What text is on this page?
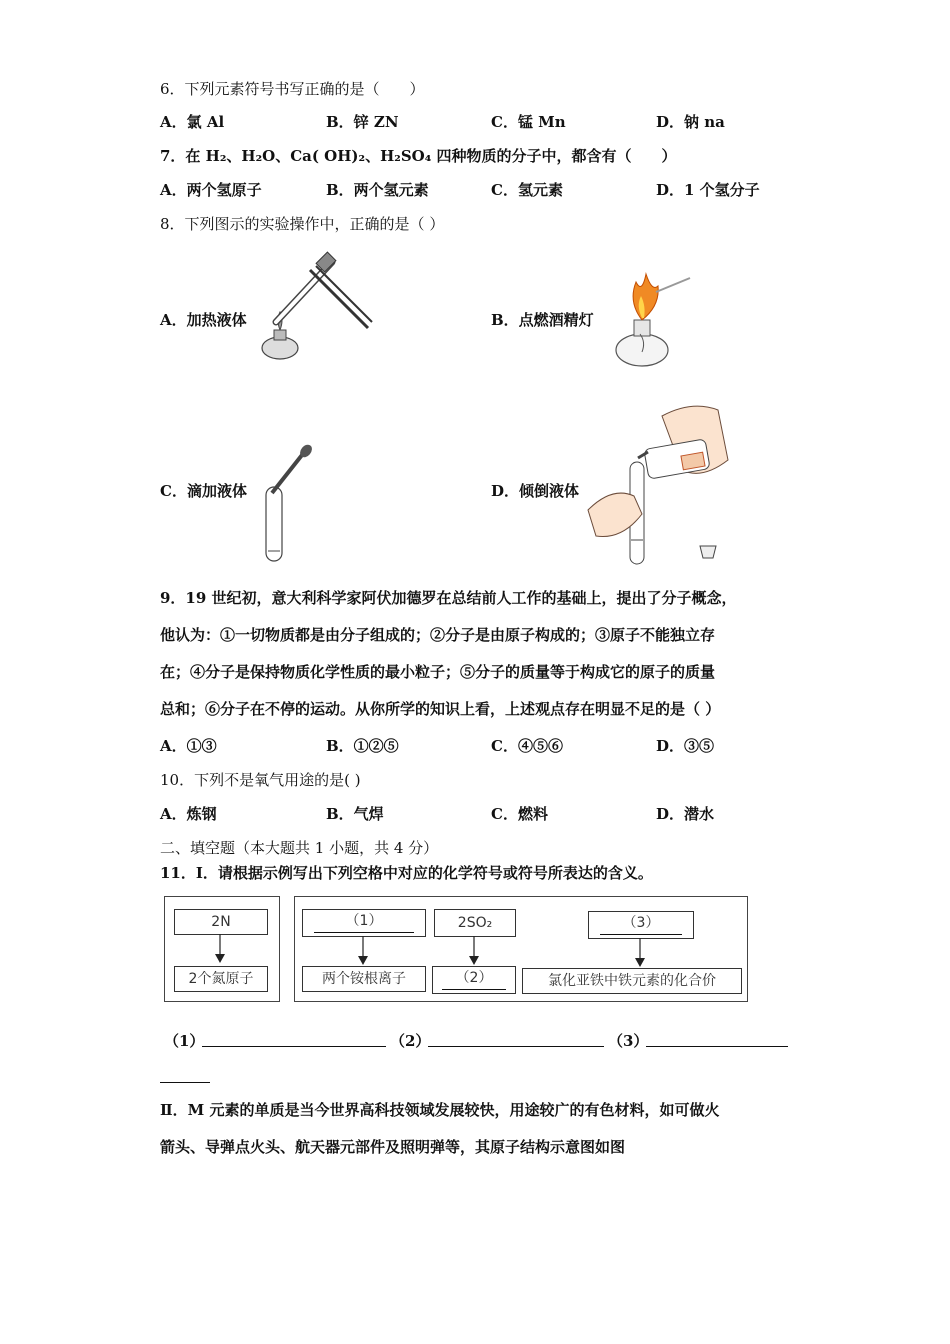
6．下列元素符号书写正确的是（　　）
A．氯 Al	B．锌 ZN	C．锰 Mn	D．钠 na
7．在 H₂、H₂O、Ca( OH)₂、H₂SO₄ 四种物质的分子中，都含有（　　）
A．两个氢原子	B．两个氢元素	C．氢元素	D．1 个氢分子
8．下列图示的实验操作中，正确的是（ ）
A．加热液体	B．点燃酒精灯
C．滴加液体	D．倾倒液体
9．19 世纪初，意大利科学家阿伏加德罗在总结前人工作的基础上，提出了分子概念，
他认为：①一切物质都是由分子组成的；②分子是由原子构成的；③原子不能独立存
在；④分子是保持物质化学性质的最小粒子；⑤分子的质量等于构成它的原子的质量
总和；⑥分子在不停的运动。从你所学的知识上看，上述观点存在明显不足的是（ ）
A．①③	B．①②⑤	C．④⑤⑥	D．③⑤
10．下列不是氧气用途的是( )
A．炼钢	B．气焊	C．燃料	D．潜水
二、填空题（本大题共 1 小题，共 4 分）
11．Ⅰ．请根据示例写出下列空格中对应的化学符号或符号所表达的含义。
2N
2个氮原子
（1）
两个铵根离子
2SO₂
（2）
（3）
氯化亚铁中铁元素的化合价
（1）	（2）	（3）
Ⅱ．M 元素的单质是当今世界高科技领域发展较快，用途较广的有色材料，如可做火
箭头、导弹点火头、航天器元部件及照明弹等，其原子结构示意图如图
